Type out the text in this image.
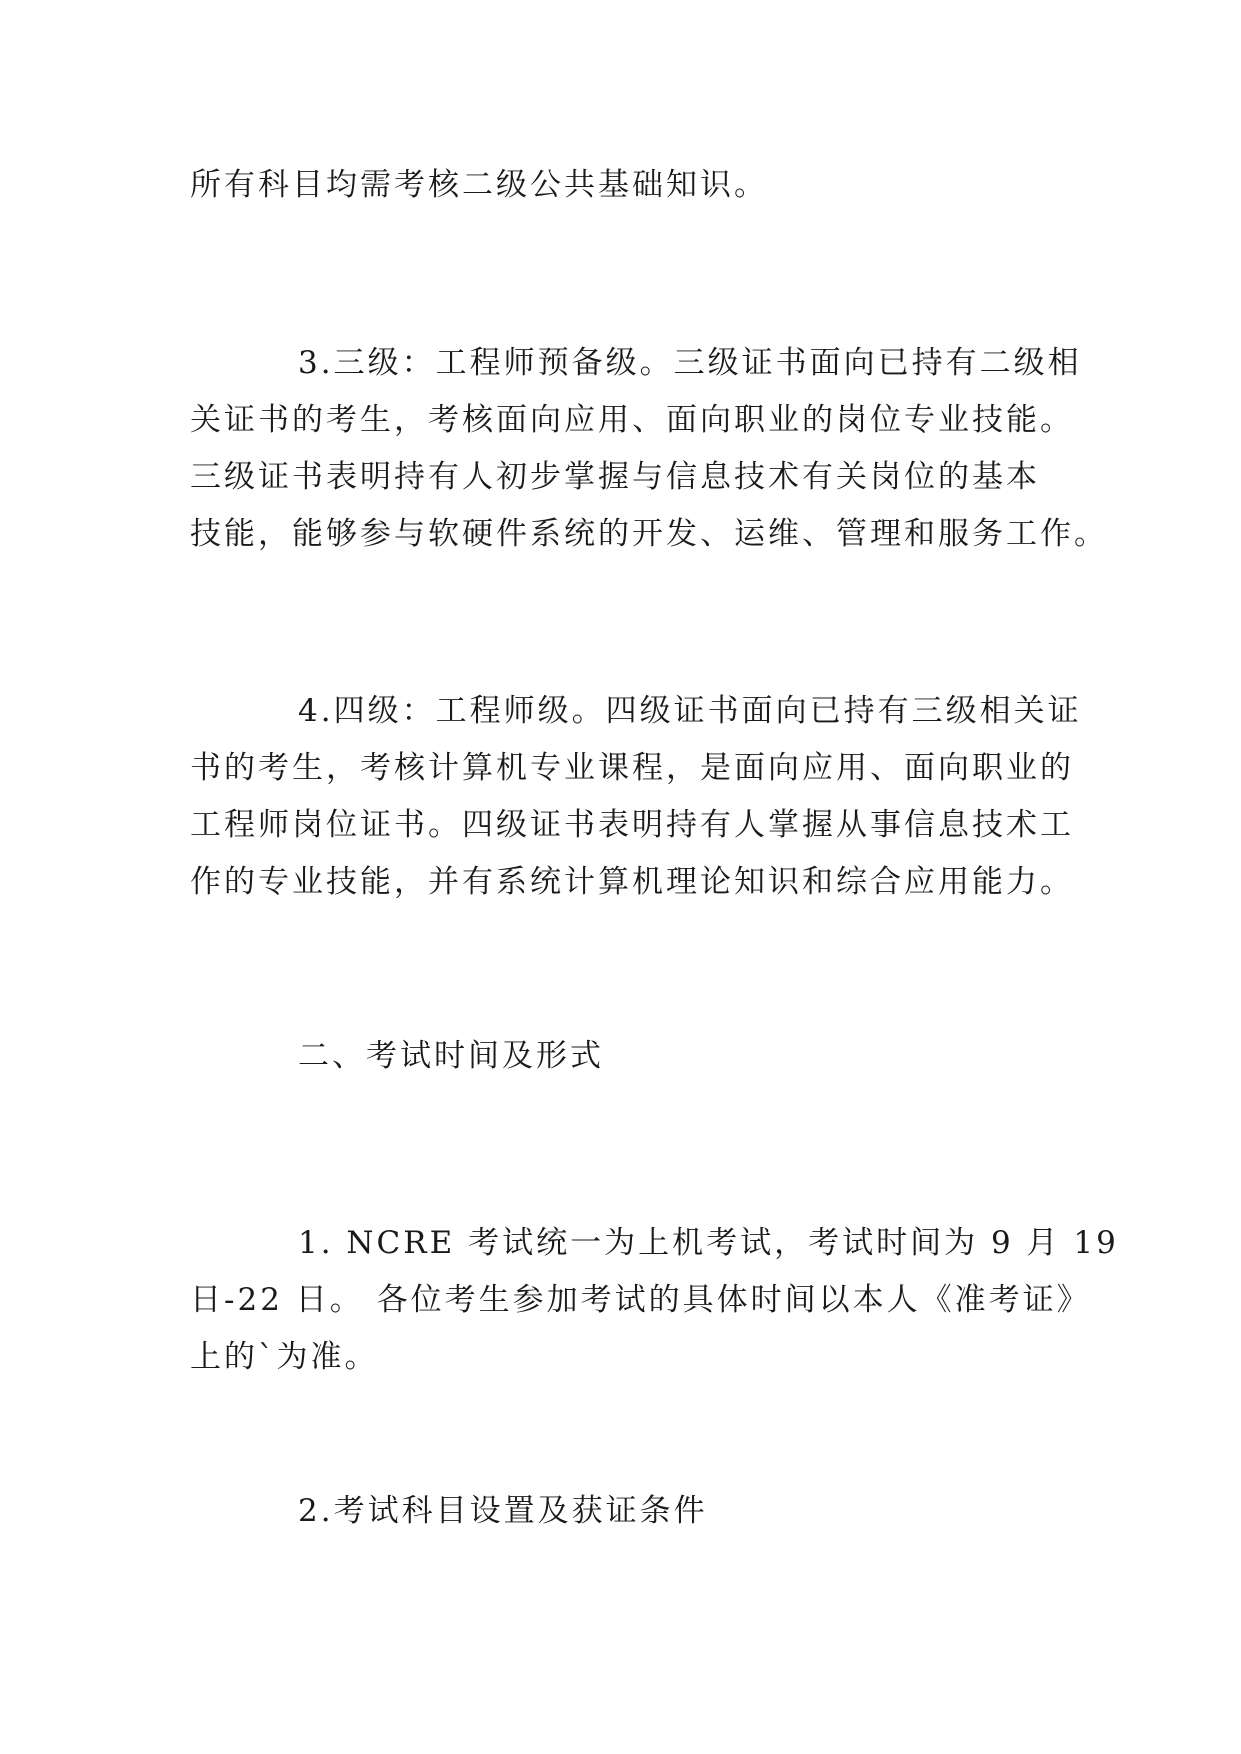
所有科目均需考核二级公共基础知识。

3.三级：工程师预备级。三级证书面向已持有二级相
关证书的考生，考核面向应用、面向职业的岗位专业技能。
三级证书表明持有人初步掌握与信息技术有关岗位的基本
技能，能够参与软硬件系统的开发、运维、管理和服务工作。

4.四级：工程师级。四级证书面向已持有三级相关证
书的考生，考核计算机专业课程，是面向应用、面向职业的
工程师岗位证书。四级证书表明持有人掌握从事信息技术工
作的专业技能，并有系统计算机理论知识和综合应用能力。

二、考试时间及形式

1. NCRE 考试统一为上机考试，考试时间为 9 月 19
日-22 日。 各位考生参加考试的具体时间以本人《准考证》
上的`为准。

2.考试科目设置及获证条件
